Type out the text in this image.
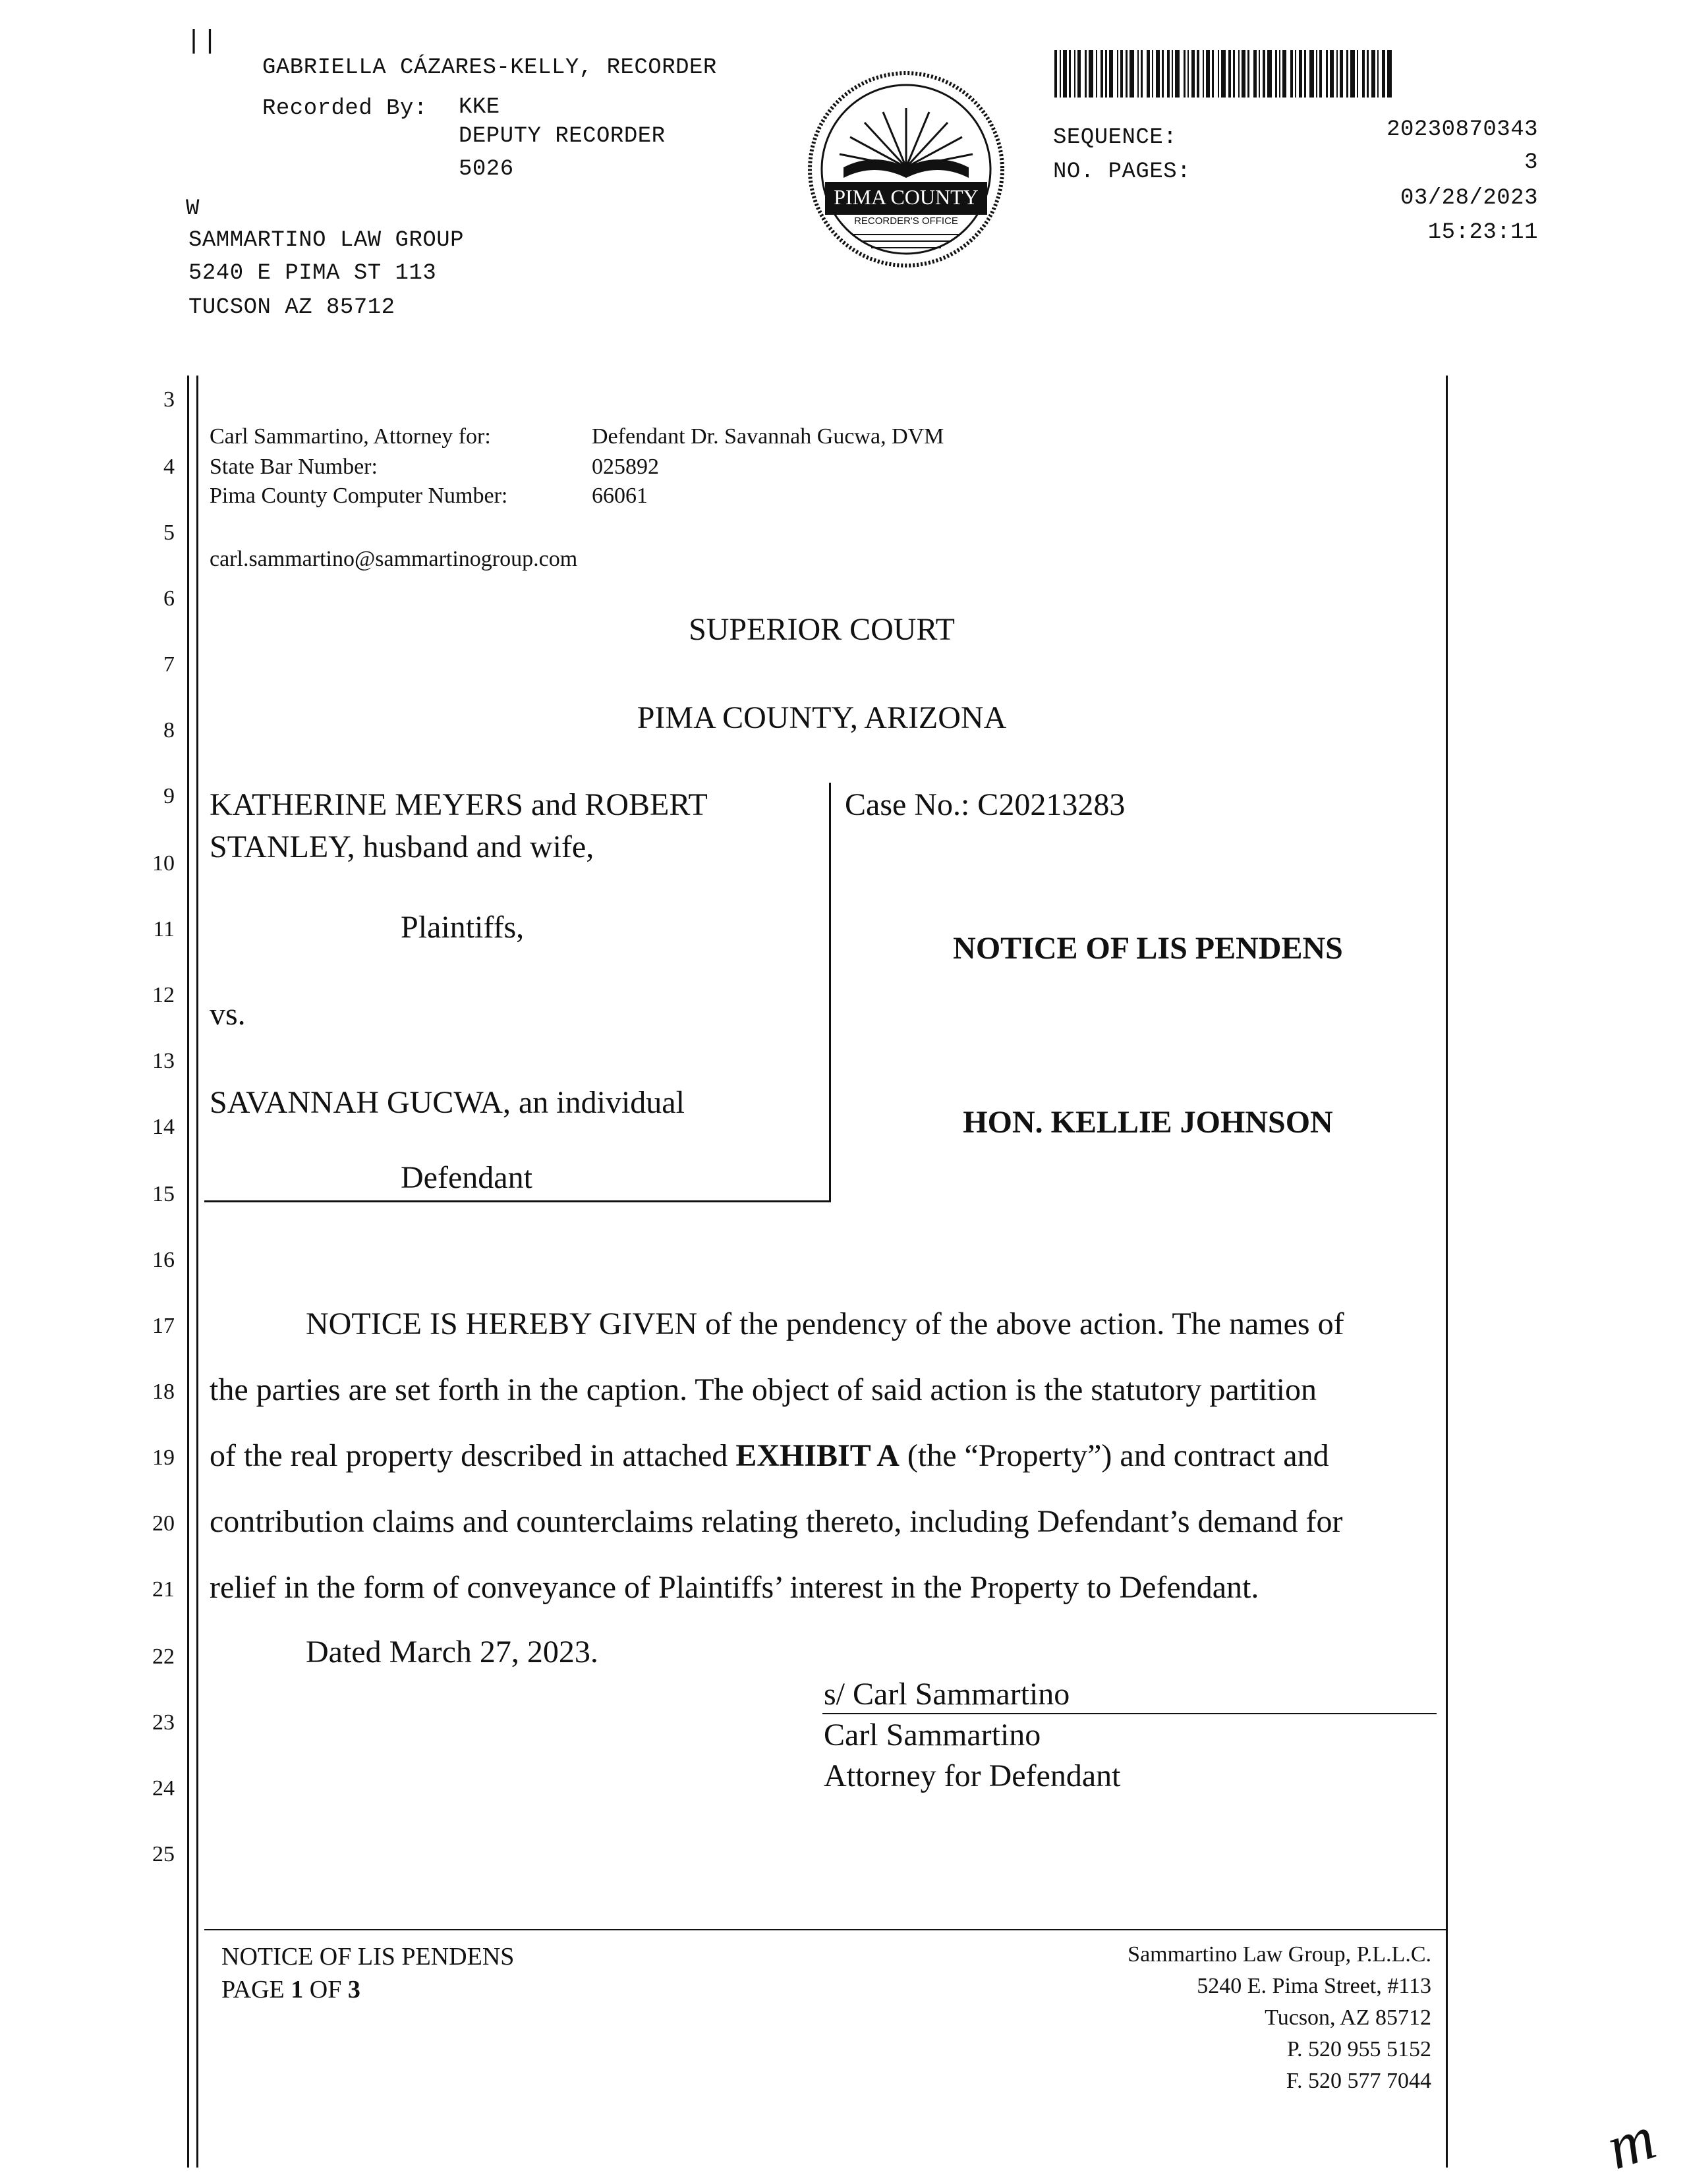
||
GABRIELLA CÁZARES-KELLY, RECORDER
Recorded By: KKE
DEPUTY RECORDER
5026
W
SAMMARTINO LAW GROUP
5240 E PIMA ST 113
TUCSON AZ 85712
PIMA COUNTY
RECORDER'S OFFICE
SEQUENCE:	20230870343
NO. PAGES:	3
03/28/2023
15:23:11
3
4
5
6
7
8
9
10
11
12
13
14
15
16
17
18
19
20
21
22
23
24
25
Carl Sammartino, Attorney for:	Defendant Dr. Savannah Gucwa, DVM
State Bar Number:	025892
Pima County Computer Number:	66061
carl.sammartino@sammartinogroup.com
SUPERIOR COURT
PIMA COUNTY, ARIZONA
KATHERINE MEYERS and ROBERT
STANLEY, husband and wife,
Plaintiffs,
vs.
SAVANNAH GUCWA, an individual
Defendant
Case No.: C20213283
NOTICE OF LIS PENDENS
HON. KELLIE JOHNSON
NOTICE IS HEREBY GIVEN of the pendency of the above action. The names of
the parties are set forth in the caption. The object of said action is the statutory partition
of the real property described in attached EXHIBIT A (the “Property”) and contract and
contribution claims and counterclaims relating thereto, including Defendant’s demand for
relief in the form of conveyance of Plaintiffs’ interest in the Property to Defendant.
Dated March 27, 2023.
s/ Carl Sammartino
Carl Sammartino
Attorney for Defendant
NOTICE OF LIS PENDENS
PAGE 1 OF 3
Sammartino Law Group, P.L.L.C.
5240 E. Pima Street, #113
Tucson, AZ 85712
P. 520 955 5152
F. 520 577 7044
m
